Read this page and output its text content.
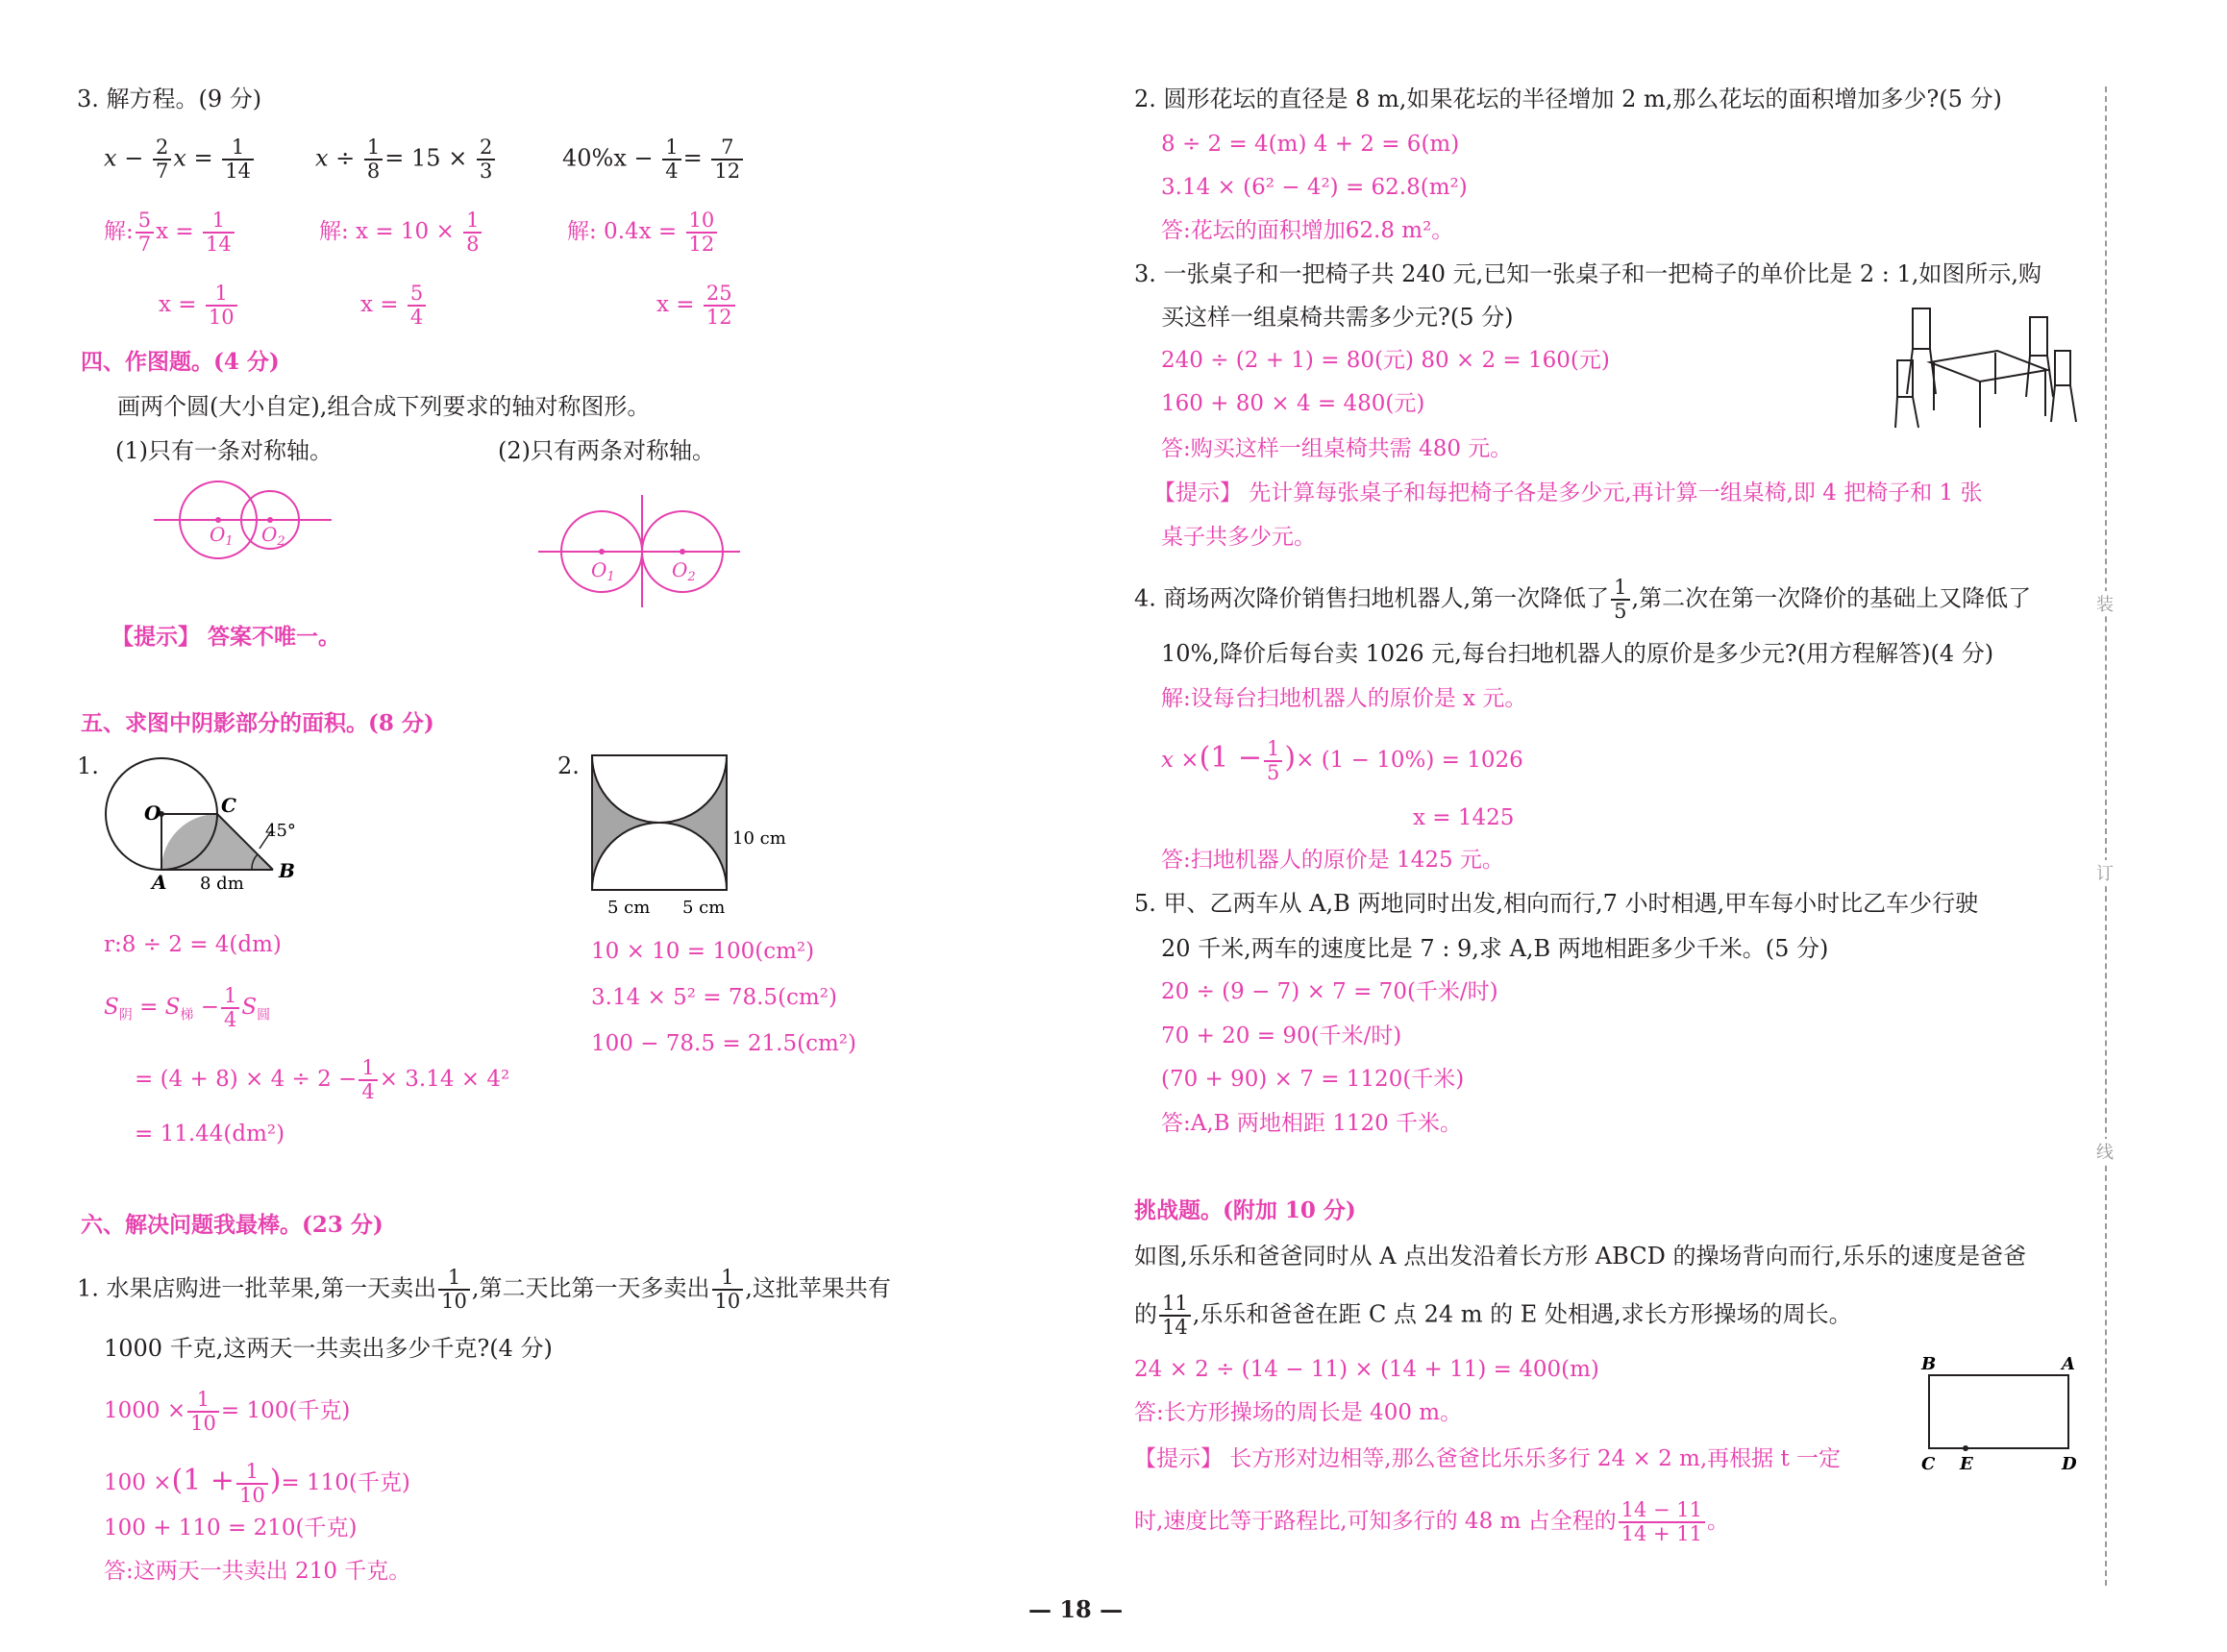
3. 解方程。(9 分)
$x - \frac{2}{7}$ $x = \frac{1}{14}$	$x \div \frac{1}{8} = 15 \times \frac{2}{3}$	$40\%x - \frac{1}{4} = \frac{7}{12}$
解: $\frac{5}{7}$ $x = \frac{1}{14}$
$x = \frac{1}{10}$
解: $x = 10 \times \frac{1}{8}$
$x = \frac{5}{4}$
解: $0.4x = \frac{10}{12}$
$x = \frac{25}{12}$
四、作图题。(4 分)
画两个圆(大小自定),组合成下列要求的轴对称图形。
(1)只有一条对称轴。	(2)只有两条对称轴。
$O_1$ $O_2$
$O_1$	$O_2$
【提示】 答案不唯一。
五、求图中阴影部分的面积。(8 分)
1.	2.
O	C
A	B
8 dm
45°	10 cm
5 cm 5 cm
r:8 ÷ 2 = 4(dm)
$S_阴 = S_梯 - \frac{1}{4} S_圆$
= $(4 + 8) \times 4 \div 2 - \frac{1}{4} \times 3.14 \times 4^2$
= 11.44(dm²)
10 × 10 = 100(cm²)
3.14 × 5² = 78.5(cm²)
100 − 78.5 = 21.5(cm²)
六、解决问题我最棒。(23 分)
1. 水果店购进一批苹果,第一天卖出 $\frac{1}{10}$ ,第二天比第一天多卖出 $\frac{1}{10}$ ,这批苹果共有
1000 千克,这两天一共卖出多少千克?(4 分)
$1000 \times \frac{1}{10} = 100$(千克)
$100 \times(1 + \frac{1}{10}$ )= 110(千克)
100 + 110 = 210(千克)
答:这两天一共卖出 210 千克。
— 18 —
2. 圆形花坛的直径是 8 m,如果花坛的半径增加 2 m,那么花坛的面积增加多少?(5 分)
8 ÷ 2 = 4(m) 4 + 2 = 6(m)
3.14 × (6² − 4²) = 62.8(m²)
答:花坛的面积增加62.8 m²。
3. 一张桌子和一把椅子共 240 元,已知一张桌子和一把椅子的单价比是 2 : 1,如图所示,购
买这样一组桌椅共需多少元?(5 分)
240 ÷ (2 + 1) = 80(元) 80 × 2 = 160(元)
160 + 80 × 4 = 480(元)
答:购买这样一组桌椅共需 480 元。
【提示】 先计算每张桌子和每把椅子各是多少元,再计算一组桌椅,即 4 把椅子和 1 张
桌子共多少元。
4. 商场两次降价销售扫地机器人,第一次降低了 $\frac{1}{5}$ ,第二次在第一次降价的基础上又降低了
10%,降价后每台卖 1026 元,每台扫地机器人的原价是多少元?(用方程解答)(4 分)
解:设每台扫地机器人的原价是 x 元。
$x \times(1 - \frac{1}{5}$ )× (1 − 10%) = 1026
x = 1425
答:扫地机器人的原价是 1425 元。
5. 甲、乙两车从 A,B 两地同时出发,相向而行,7 小时相遇,甲车每小时比乙车少行驶
20 千米,两车的速度比是 7 : 9,求 A,B 两地相距多少千米。(5 分)
20 ÷ (9 − 7) × 7 = 70(千米/时)
70 + 20 = 90(千米/时)
(70 + 90) × 7 = 1120(千米)
答:A,B 两地相距 1120 千米。
挑战题。(附加 10 分)
如图,乐乐和爸爸同时从 A 点出发沿着长方形 ABCD 的操场背向而行,乐乐的速度是爸爸
的 $\frac{11}{14}$ ,乐乐和爸爸在距 C 点 24 m 的 E 处相遇,求长方形操场的周长。
24 × 2 ÷ (14 − 11) × (14 + 11) = 400(m)
答:长方形操场的周长是 400 m。
【提示】 长方形对边相等,那么爸爸比乐乐多行 24 × 2 m,再根据 t 一定
时,速度比等于路程比,可知多行的 48 m 占全程的 $\frac{14 - 11}{14 + 11}$ 。
B	A
C E	D
装
订
线
